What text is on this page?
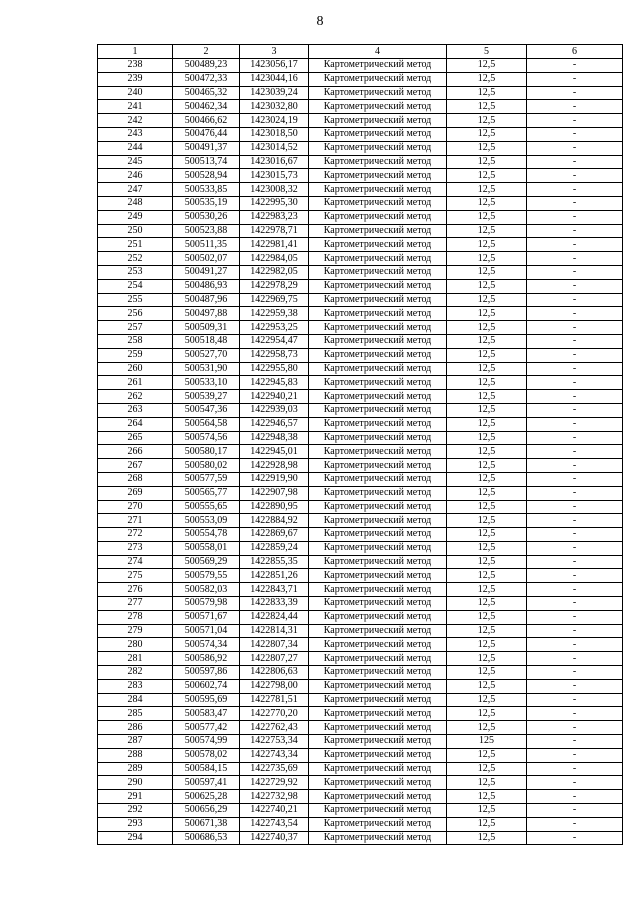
8
1	2	3	4	5	6
238	500489,23	1423056,17	Картометрический метод	12,5	-
239	500472,33	1423044,16	Картометрический метод	12,5	-
240	500465,32	1423039,24	Картометрический метод	12,5	-
241	500462,34	1423032,80	Картометрический метод	12,5	-
242	500466,62	1423024,19	Картометрический метод	12,5	-
243	500476,44	1423018,50	Картометрический метод	12,5	-
244	500491,37	1423014,52	Картометрический метод	12,5	-
245	500513,74	1423016,67	Картометрический метод	12,5	-
246	500528,94	1423015,73	Картометрический метод	12,5	-
247	500533,85	1423008,32	Картометрический метод	12,5	-
248	500535,19	1422995,30	Картометрический метод	12,5	-
249	500530,26	1422983,23	Картометрический метод	12,5	-
250	500523,88	1422978,71	Картометрический метод	12,5	-
251	500511,35	1422981,41	Картометрический метод	12,5	-
252	500502,07	1422984,05	Картометрический метод	12,5	-
253	500491,27	1422982,05	Картометрический метод	12,5	-
254	500486,93	1422978,29	Картометрический метод	12,5	-
255	500487,96	1422969,75	Картометрический метод	12,5	-
256	500497,88	1422959,38	Картометрический метод	12,5	-
257	500509,31	1422953,25	Картометрический метод	12,5	-
258	500518,48	1422954,47	Картометрический метод	12,5	-
259	500527,70	1422958,73	Картометрический метод	12,5	-
260	500531,90	1422955,80	Картометрический метод	12,5	-
261	500533,10	1422945,83	Картометрический метод	12,5	-
262	500539,27	1422940,21	Картометрический метод	12,5	-
263	500547,36	1422939,03	Картометрический метод	12,5	-
264	500564,58	1422946,57	Картометрический метод	12,5	-
265	500574,56	1422948,38	Картометрический метод	12,5	-
266	500580,17	1422945,01	Картометрический метод	12,5	-
267	500580,02	1422928,98	Картометрический метод	12,5	-
268	500577,59	1422919,90	Картометрический метод	12,5	-
269	500565,77	1422907,98	Картометрический метод	12,5	-
270	500555,65	1422890,95	Картометрический метод	12,5	-
271	500553,09	1422884,92	Картометрический метод	12,5	-
272	500554,78	1422869,67	Картометрический метод	12,5	-
273	500558,01	1422859,24	Картометрический метод	12,5	-
274	500569,29	1422855,35	Картометрический метод	12,5	-
275	500579,55	1422851,26	Картометрический метод	12,5	-
276	500582,03	1422843,71	Картометрический метод	12,5	-
277	500579,98	1422833,39	Картометрический метод	12,5	-
278	500571,67	1422824,44	Картометрический метод	12,5	-
279	500571,04	1422814,31	Картометрический метод	12,5	-
280	500574,34	1422807,34	Картометрический метод	12,5	-
281	500586,92	1422807,27	Картометрический метод	12,5	-
282	500597,86	1422806,63	Картометрический метод	12,5	-
283	500602,74	1422798,00	Картометрический метод	12,5	-
284	500595,69	1422781,51	Картометрический метод	12,5	-
285	500583,47	1422770,20	Картометрический метод	12,5	-
286	500577,42	1422762,43	Картометрический метод	12,5	-
287	500574,99	1422753,34	Картометрический метод	125	-
288	500578,02	1422743,34	Картометрический метод	12,5	-
289	500584,15	1422735,69	Картометрический метод	12,5	-
290	500597,41	1422729,92	Картометрический метод	12,5	-
291	500625,28	1422732,98	Картометрический метод	12,5	-
292	500656,29	1422740,21	Картометрический метод	12,5	-
293	500671,38	1422743,54	Картометрический метод	12,5	-
294	500686,53	1422740,37	Картометрический метод	12,5	-
